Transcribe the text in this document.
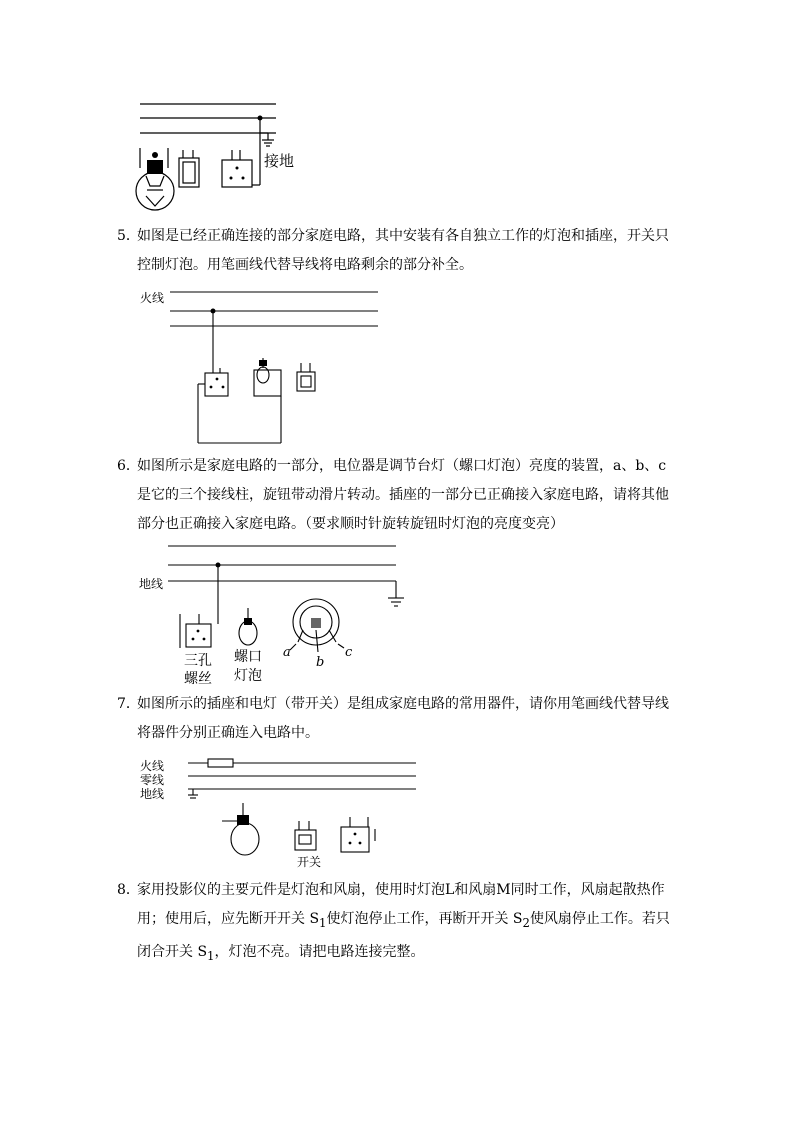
接地

5．如图是已经正确连接的部分家庭电路，其中安装有各自独立工作的灯泡和插座，开关只
控制灯泡。用笔画线代替导线将电路剩余的部分补全。

火线

6．如图所示是家庭电路的一部分，电位器是调节台灯（螺口灯泡）亮度的装置，a、b、c
是它的三个接线柱，旋钮带动滑片转动。插座的一部分已正确接入家庭电路，请将其他
部分也正确接入家庭电路。（要求顺时针旋转旋钮时灯泡的亮度变亮）

地线
三孔
螺丝
螺口
灯泡
a
b
c

7．如图所示的插座和电灯（带开关）是组成家庭电路的常用器件，请你用笔画线代替导线
将器件分别正确连入电路中。

火线
零线
地线
开关

8．家用投影仪的主要元件是灯泡和风扇，使用时灯泡L和风扇M同时工作，风扇起散热作
用；使用后，应先断开开关 $S_1$使灯泡停止工作，再断开开关 $S_2$使风扇停止工作。若只
闭合开关 $S_1$，灯泡不亮。请把电路连接完整。
